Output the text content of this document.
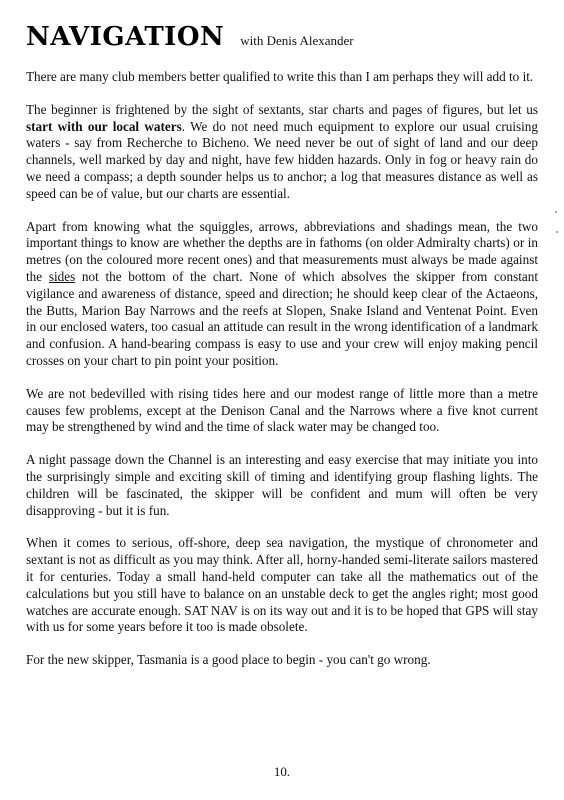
NAVIGATION with Denis Alexander

There are many club members better qualified to write this than I am perhaps they will add to it.

The beginner is frightened by the sight of sextants, star charts and pages of figures, but let us start with our local waters. We do not need much equipment to explore our usual cruising waters - say from Recherche to Bicheno. We need never be out of sight of land and our deep channels, well marked by day and night, have few hidden hazards. Only in fog or heavy rain do we need a compass; a depth sounder helps us to anchor; a log that measures distance as well as speed can be of value, but our charts are essential.

Apart from knowing what the squiggles, arrows, abbreviations and shadings mean, the two important things to know are whether the depths are in fathoms (on older Admiralty charts) or in metres (on the coloured more recent ones) and that measurements must always be made against the sides not the bottom of the chart. None of which absolves the skipper from constant vigilance and awareness of distance, speed and direction; he should keep clear of the Actaeons, the Butts, Marion Bay Narrows and the reefs at Slopen, Snake Island and Ventenat Point. Even in our enclosed waters, too casual an attitude can result in the wrong identification of a landmark and confusion. A hand-bearing compass is easy to use and your crew will enjoy making pencil crosses on your chart to pin point your position.

We are not bedevilled with rising tides here and our modest range of little more than a metre causes few problems, except at the Denison Canal and the Narrows where a five knot current may be strengthened by wind and the time of slack water may be changed too.

A night passage down the Channel is an interesting and easy exercise that may initiate you into the surprisingly simple and exciting skill of timing and identifying group flashing lights. The children will be fascinated, the skipper will be confident and mum will often be very disapproving - but it is fun.

When it comes to serious, off-shore, deep sea navigation, the mystique of chronometer and sextant is not as difficult as you may think. After all, horny-handed semi-literate sailors mastered it for centuries. Today a small hand-held computer can take all the mathematics out of the calculations but you still have to balance on an unstable deck to get the angles right; most good watches are accurate enough. SAT NAV is on its way out and it is to be hoped that GPS will stay with us for some years before it too is made obsolete.

For the new skipper, Tasmania is a good place to begin - you can't go wrong.

10.
